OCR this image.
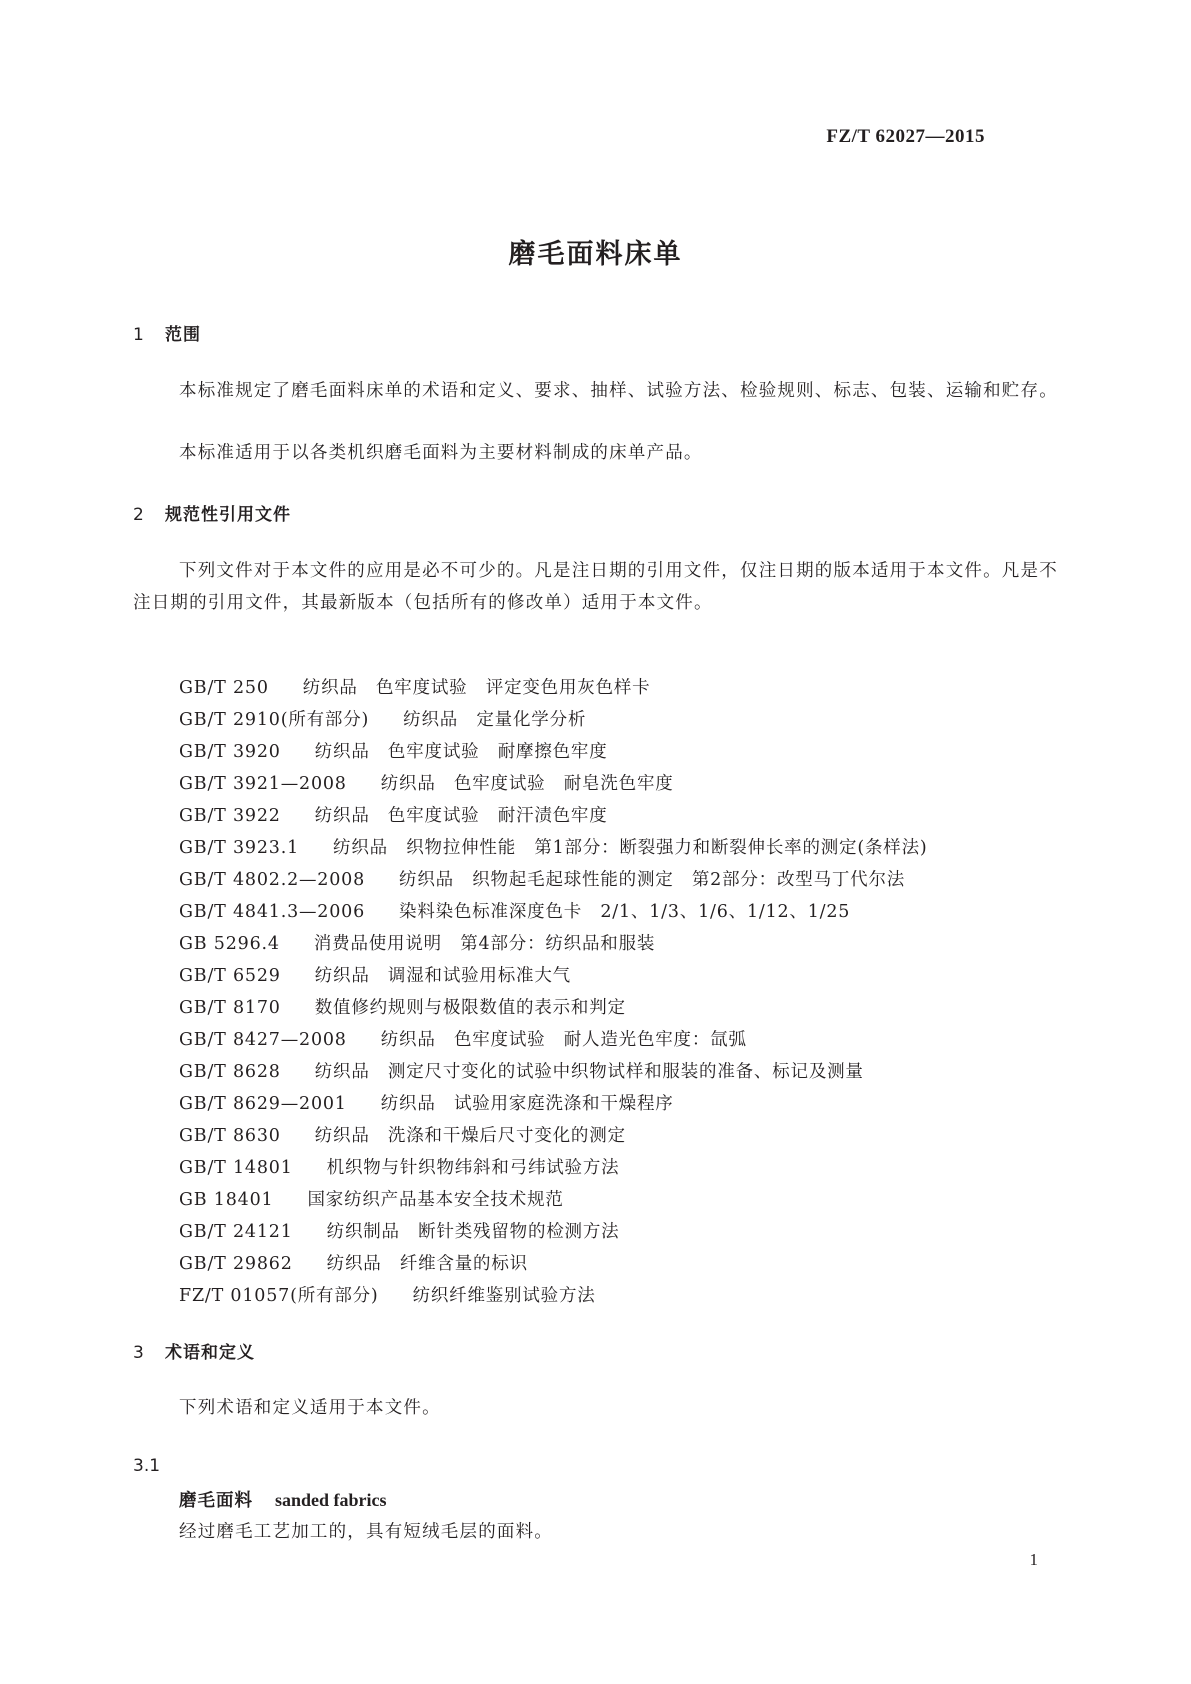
FZ/T 62027—2015
磨毛面料床单
1 范围

本标准规定了磨毛面料床单的术语和定义、要求、抽样、试验方法、检验规则、标志、包装、运输和贮存。

本标准适用于以各类机织磨毛面料为主要材料制成的床单产品。

2 规范性引用文件

下列文件对于本文件的应用是必不可少的。凡是注日期的引用文件，仅注日期的版本适用于本文件。凡是不注日期的引用文件，其最新版本（包括所有的修改单）适用于本文件。

GB/T 250 纺织品　色牢度试验　评定变色用灰色样卡
GB/T 2910(所有部分) 纺织品　定量化学分析
GB/T 3920 纺织品　色牢度试验　耐摩擦色牢度
GB/T 3921—2008 纺织品　色牢度试验　耐皂洗色牢度
GB/T 3922 纺织品　色牢度试验　耐汗渍色牢度
GB/T 3923.1 纺织品　织物拉伸性能　第1部分：断裂强力和断裂伸长率的测定(条样法)
GB/T 4802.2—2008 纺织品　织物起毛起球性能的测定　第2部分：改型马丁代尔法
GB/T 4841.3—2006 染料染色标准深度色卡　2/1、1/3、1/6、1/12、1/25
GB 5296.4 消费品使用说明　第4部分：纺织品和服装
GB/T 6529 纺织品　调湿和试验用标准大气
GB/T 8170 数值修约规则与极限数值的表示和判定
GB/T 8427—2008 纺织品　色牢度试验　耐人造光色牢度：氙弧
GB/T 8628 纺织品　测定尺寸变化的试验中织物试样和服装的准备、标记及测量
GB/T 8629—2001 纺织品　试验用家庭洗涤和干燥程序
GB/T 8630 纺织品　洗涤和干燥后尺寸变化的测定
GB/T 14801 机织物与针织物纬斜和弓纬试验方法
GB 18401 国家纺织产品基本安全技术规范
GB/T 24121 纺织制品　断针类残留物的检测方法
GB/T 29862 纺织品　纤维含量的标识
FZ/T 01057(所有部分) 纺织纤维鉴别试验方法
3 术语和定义

下列术语和定义适用于本文件。

3.1
磨毛面料 sanded fabrics
经过磨毛工艺加工的，具有短绒毛层的面料。
1
